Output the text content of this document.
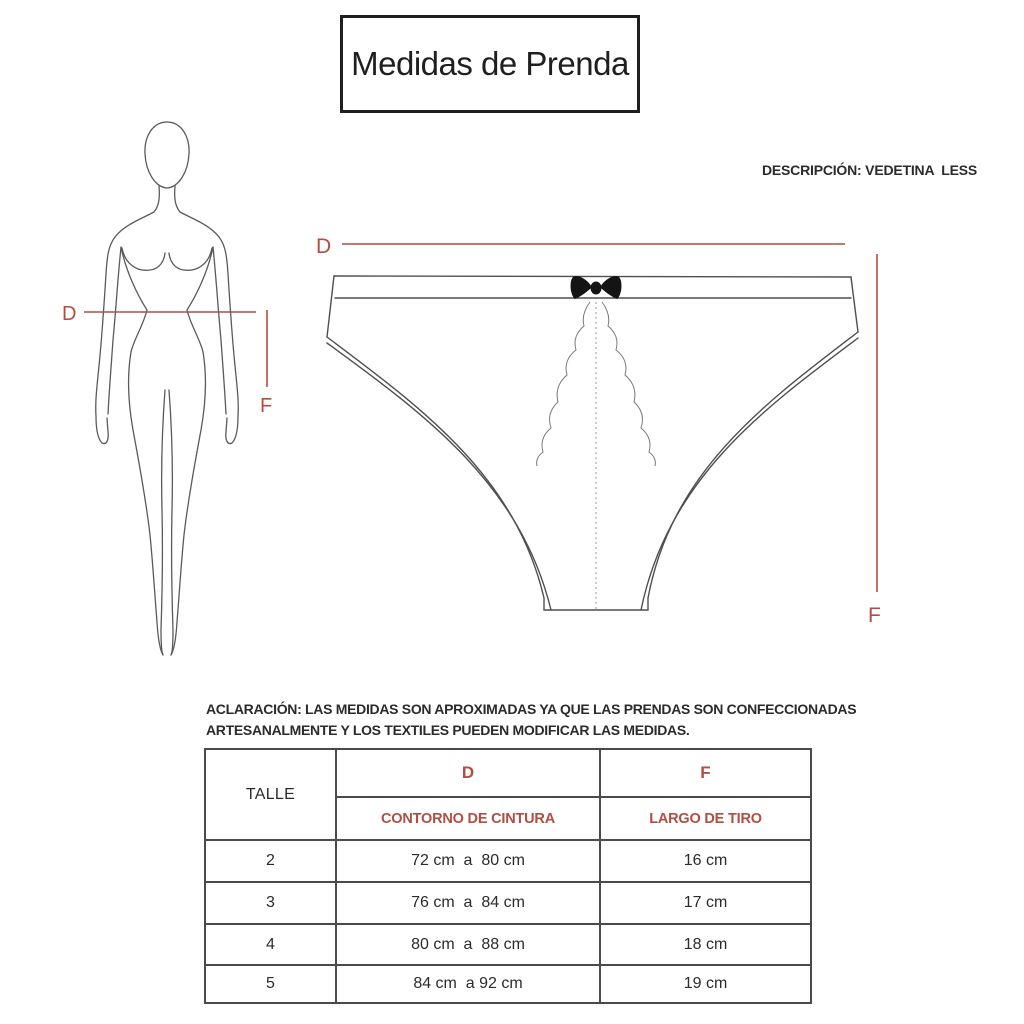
Medidas de Prenda
DESCRIPCIÓN: VEDETINA  LESS
D
F
D
F
ACLARACIÓN: LAS MEDIDAS SON APROXIMADAS YA QUE LAS PRENDAS SON CONFECCIONADAS ARTESANALMENTE Y LOS TEXTILES PUEDEN MODIFICAR LAS MEDIDAS.
TALLE
D	F
CONTORNO DE CINTURA	LARGO DE TIRO
2	72 cm  a  80 cm	16 cm
3	76 cm  a  84 cm	17 cm
4	80 cm  a  88 cm	18 cm
5	84 cm  a 92 cm	19 cm
